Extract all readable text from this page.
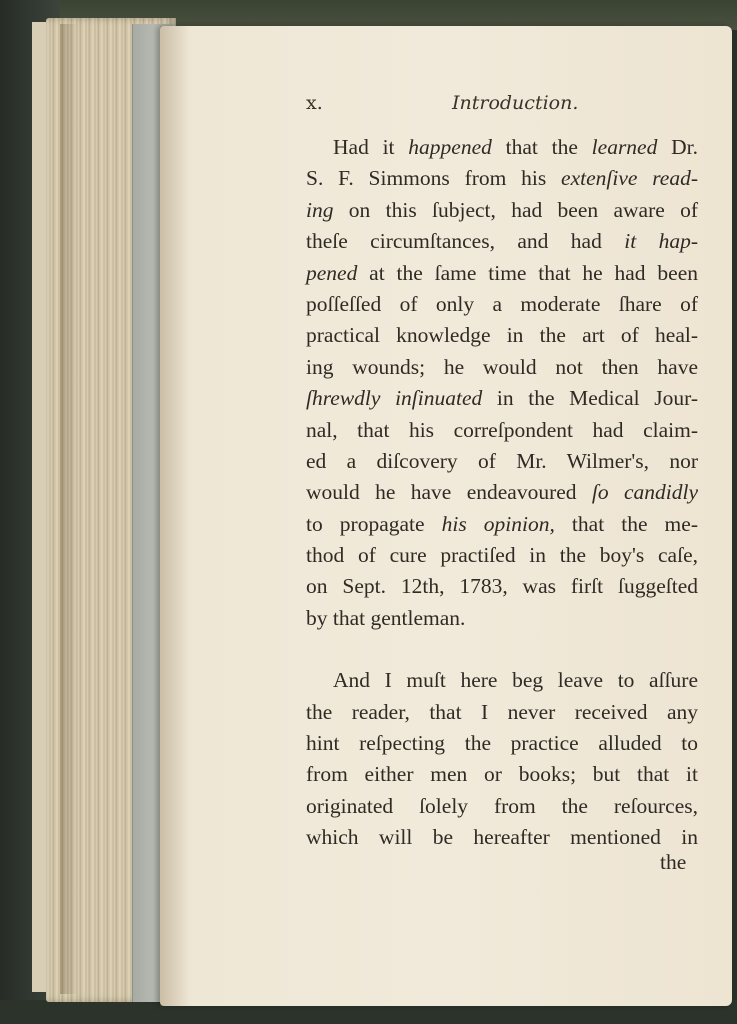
x.	Introduction.
Had it happened that the learned Dr.
S. F. Simmons from his extenſive read-
ing on this ſubject, had been aware of
theſe circumſtances, and had it hap-
pened at the ſame time that he had been
poſſeſſed of only a moderate ſhare of
practical knowledge in the art of heal-
ing wounds; he would not then have
ſhrewdly inſinuated in the Medical Jour-
nal, that his correſpondent had claim-
ed a diſcovery of Mr. Wilmer's, nor
would he have endeavoured ſo candidly
to propagate his opinion, that the me-
thod of cure practiſed in the boy's caſe,
on Sept. 12th, 1783, was firſt ſuggeſted
by that gentleman.
And I muſt here beg leave to aſſure
the reader, that I never received any
hint reſpecting the practice alluded to
from either men or books; but that it
originated ſolely from the reſources,
which will be hereafter mentioned in
the
